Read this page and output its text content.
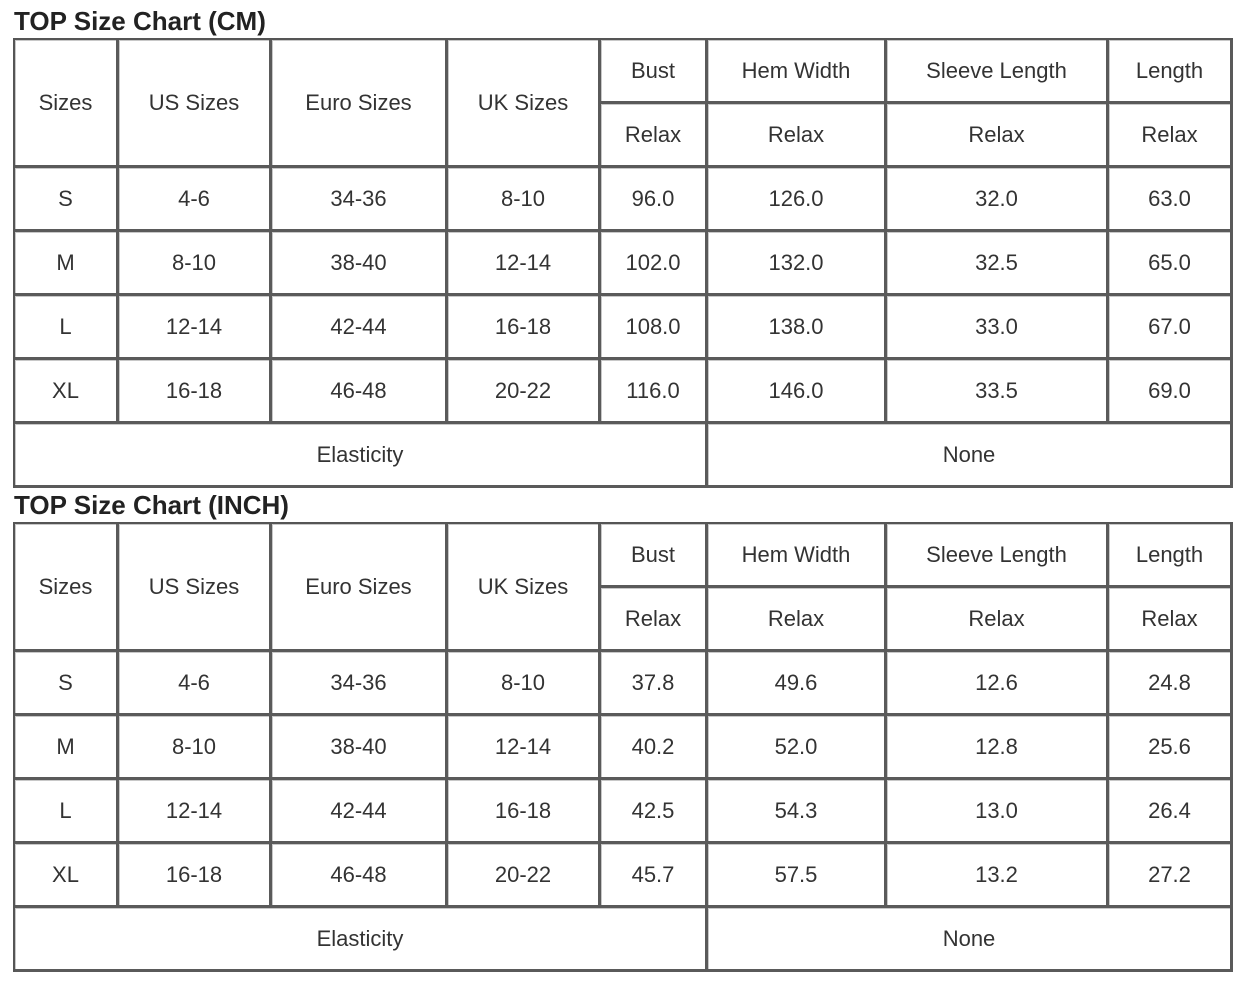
TOP Size Chart (CM)
Sizes	US Sizes	Euro Sizes	UK Sizes	Bust	Hem Width	Sleeve Length	Length
				Relax	Relax	Relax	Relax
S	4-6	34-36	8-10	96.0	126.0	32.0	63.0
M	8-10	38-40	12-14	102.0	132.0	32.5	65.0
L	12-14	42-44	16-18	108.0	138.0	33.0	67.0
XL	16-18	46-48	20-22	116.0	146.0	33.5	69.0
Elasticity					None		
TOP Size Chart (INCH)
Sizes	US Sizes	Euro Sizes	UK Sizes	Bust	Hem Width	Sleeve Length	Length
				Relax	Relax	Relax	Relax
S	4-6	34-36	8-10	37.8	49.6	12.6	24.8
M	8-10	38-40	12-14	40.2	52.0	12.8	25.6
L	12-14	42-44	16-18	42.5	54.3	13.0	26.4
XL	16-18	46-48	20-22	45.7	57.5	13.2	27.2
Elasticity					None		
